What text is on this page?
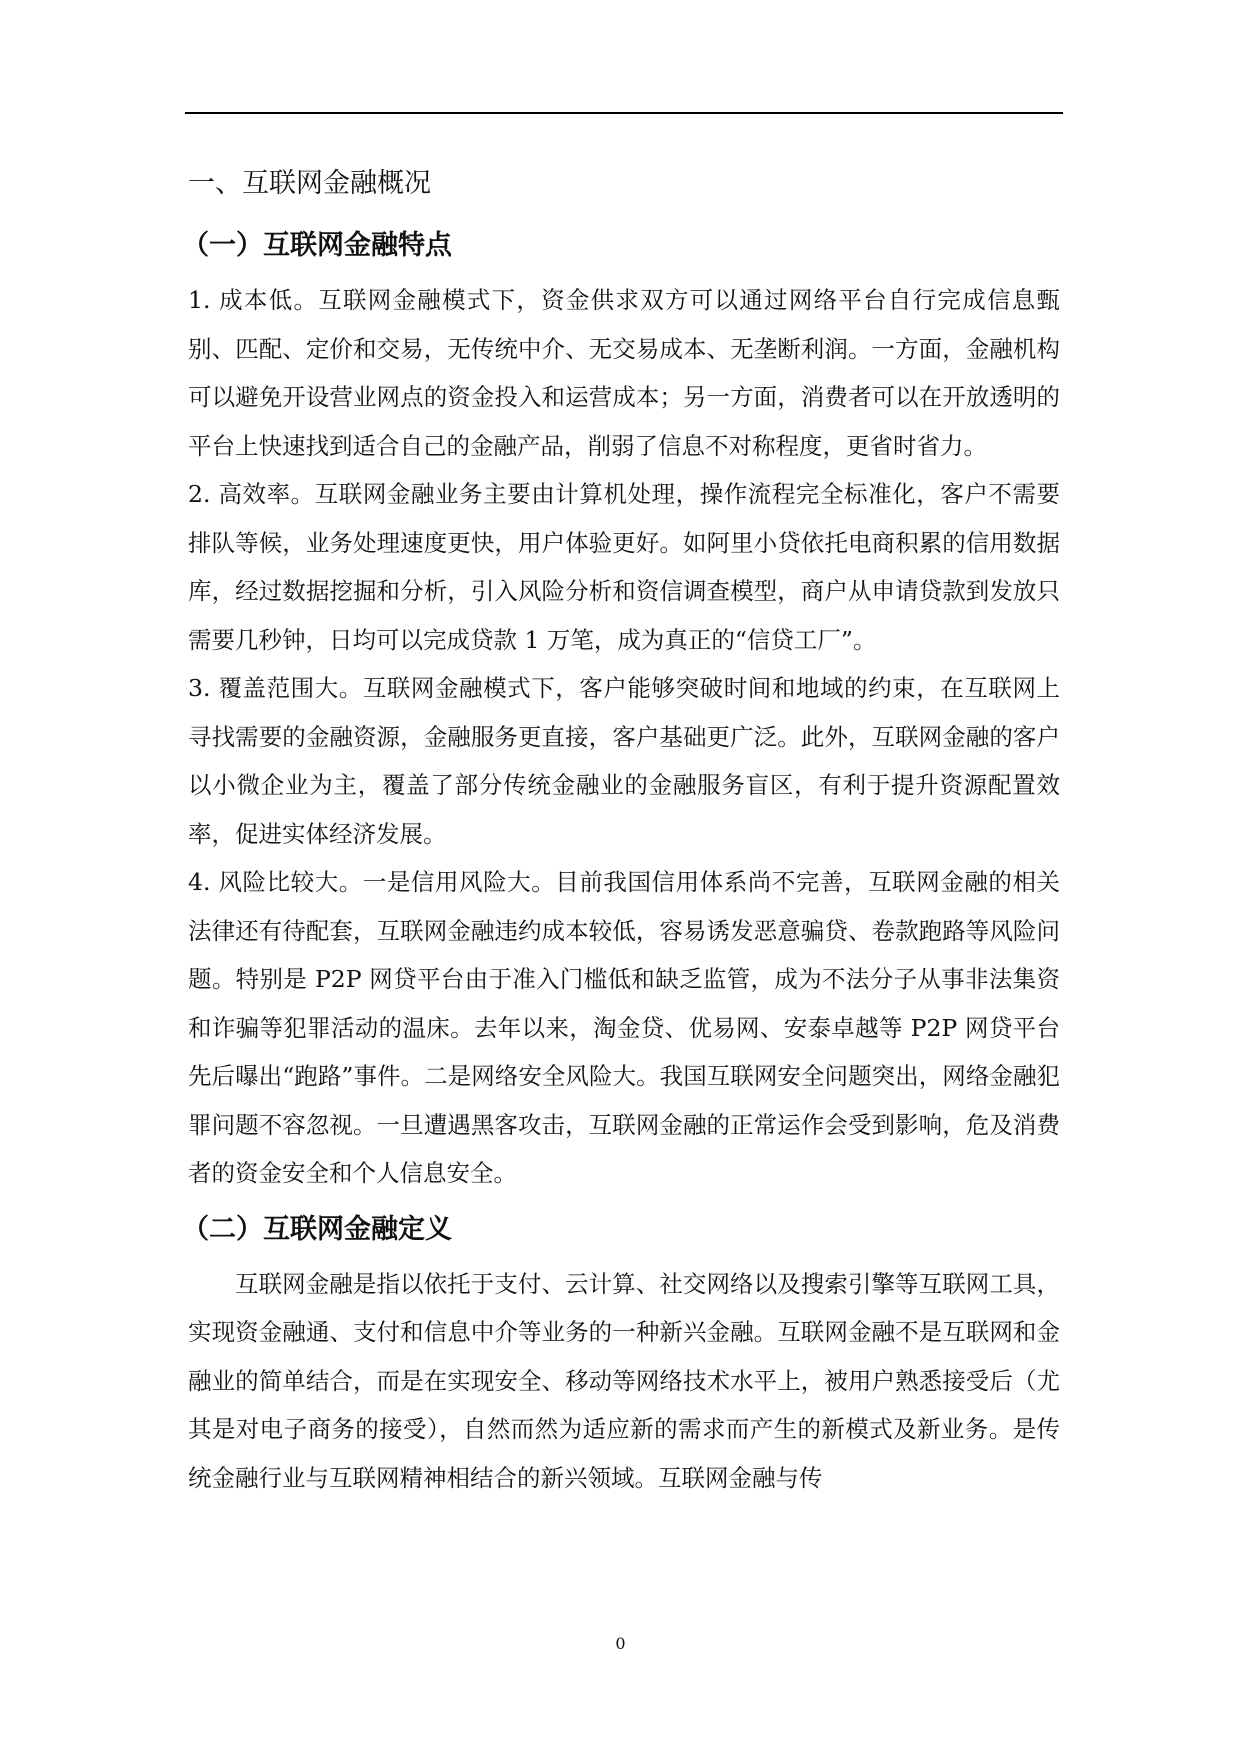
一、互联网金融概况
（一）互联网金融特点

1. 成本低。互联网金融模式下，资金供求双方可以通过网络平台自行完成信息甄别、匹配、定价和交易，无传统中介、无交易成本、无垄断利润。一方面，金融机构可以避免开设营业网点的资金投入和运营成本；另一方面，消费者可以在开放透明的平台上快速找到适合自己的金融产品，削弱了信息不对称程度，更省时省力。

2. 高效率。互联网金融业务主要由计算机处理，操作流程完全标准化，客户不需要排队等候，业务处理速度更快，用户体验更好。如阿里小贷依托电商积累的信用数据库，经过数据挖掘和分析，引入风险分析和资信调查模型，商户从申请贷款到发放只需要几秒钟，日均可以完成贷款 1 万笔，成为真正的“信贷工厂”。

3. 覆盖范围大。互联网金融模式下，客户能够突破时间和地域的约束，在互联网上寻找需要的金融资源，金融服务更直接，客户基础更广泛。此外，互联网金融的客户以小微企业为主，覆盖了部分传统金融业的金融服务盲区，有利于提升资源配置效率，促进实体经济发展。

4. 风险比较大。一是信用风险大。目前我国信用体系尚不完善，互联网金融的相关法律还有待配套，互联网金融违约成本较低，容易诱发恶意骗贷、卷款跑路等风险问题。特别是 P2P 网贷平台由于准入门槛低和缺乏监管，成为不法分子从事非法集资和诈骗等犯罪活动的温床。去年以来，淘金贷、优易网、安泰卓越等 P2P 网贷平台先后曝出“跑路”事件。二是网络安全风险大。我国互联网安全问题突出，网络金融犯罪问题不容忽视。一旦遭遇黑客攻击，互联网金融的正常运作会受到影响，危及消费者的资金安全和个人信息安全。

（二）互联网金融定义

互联网金融是指以依托于支付、云计算、社交网络以及搜索引擎等互联网工具，实现资金融通、支付和信息中介等业务的一种新兴金融。互联网金融不是互联网和金融业的简单结合，而是在实现安全、移动等网络技术水平上，被用户熟悉接受后（尤其是对电子商务的接受），自然而然为适应新的需求而产生的新模式及新业务。是传统金融行业与互联网精神相结合的新兴领域。互联网金融与传

0
